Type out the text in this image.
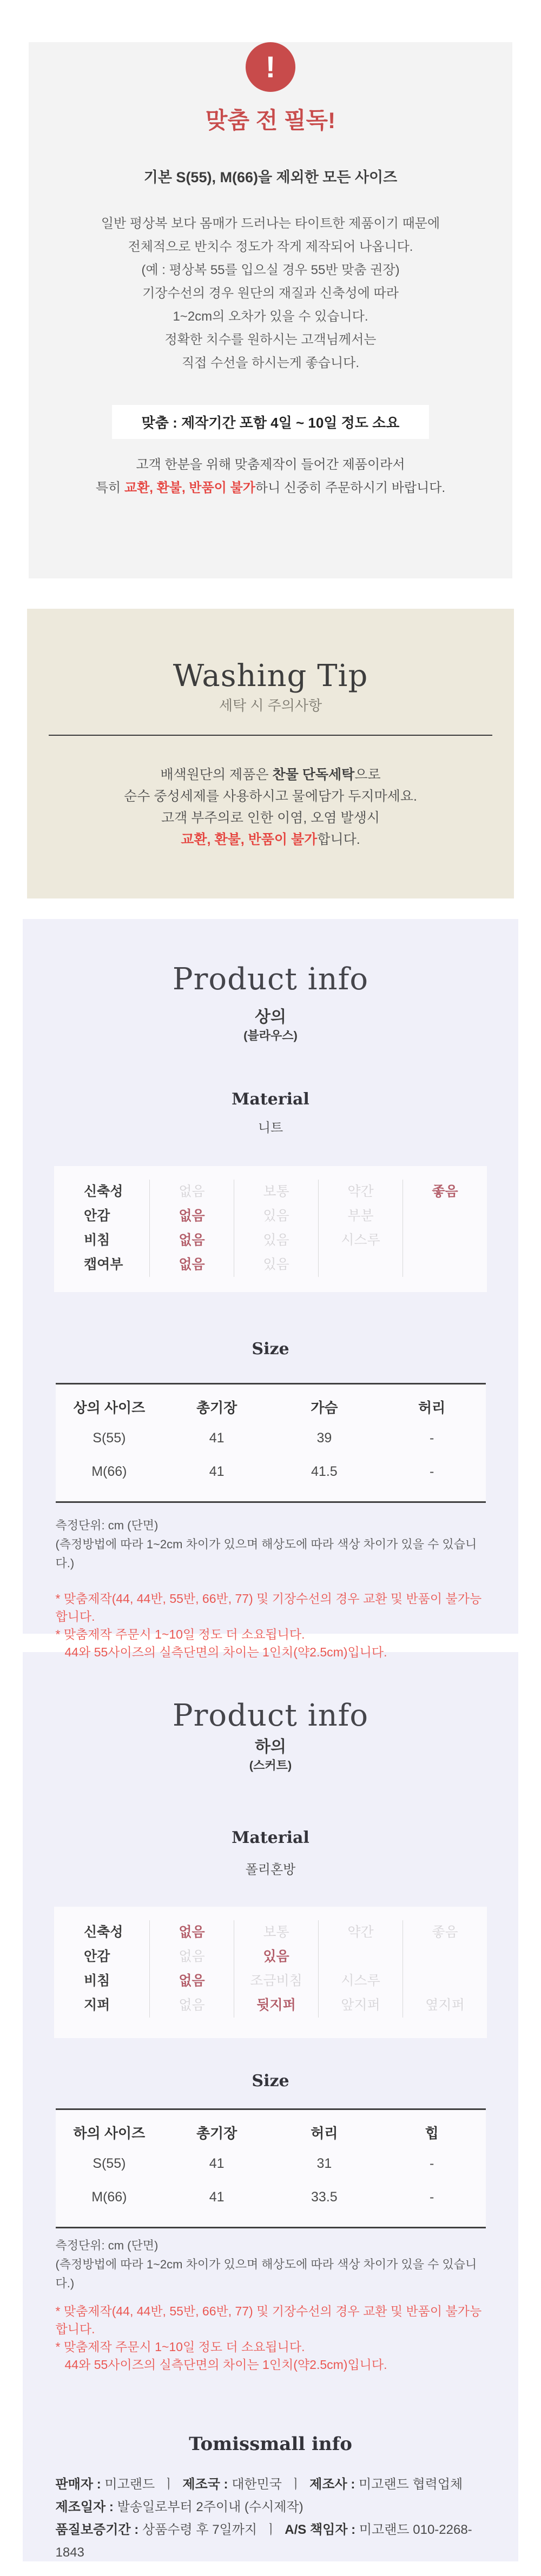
!
맞춤 전 필독!

기본 S(55), M(66)을 제외한 모든 사이즈

일반 평상복 보다 몸매가 드러나는 타이트한 제품이기 때문에
전체적으로 반치수 정도가 작게 제작되어 나옵니다.
(예 : 평상복 55를 입으실 경우 55반 맞춤 권장)
기장수선의 경우 원단의 재질과 신축성에 따라
1~2cm의 오차가 있을 수 있습니다.
정확한 치수를 원하시는 고객님께서는
직접 수선을 하시는게 좋습니다.
맞춤 : 제작기간 포함 4일 ~ 10일 정도 소요
고객 한분을 위해 맞춤제작이 들어간 제품이라서
특히 교환, 환불, 반품이 불가하니 신중히 주문하시기 바랍니다.
Washing Tip

세탁 시 주의사항

배색원단의 제품은 찬물 단독세탁으로
순수 중성세제를 사용하시고 물에담가 두지마세요.
고객 부주의로 인한 이염, 오염 발생시
교환, 환불, 반품이 불가합니다.
Product info

상의

(블라우스)

Material

니트

신축성	없음	보통	약간	좋음
안감	없음	있음	부분
비침	없음	있음	시스루
캡여부	없음	있음
Size
상의 사이즈	총기장	가슴	허리
S(55)	41	39	-
M(66)	41	41.5	-
측정단위: cm (단면)
(측정방법에 따라 1~2cm 차이가 있으며 해상도에 따라 색상 차이가 있을 수 있습니다.)
* 맞춤제작(44, 44반, 55반, 66반, 77) 및 기장수선의 경우 교환 및 반품이 불가능합니다.
* 맞춤제작 주문시 1~10일 정도 더 소요됩니다.
44와 55사이즈의 실측단면의 차이는 1인치(약2.5cm)입니다.
Product info

하의

(스커트)

Material

폴리혼방

신축성	없음	보통	약간	좋음
안감	없음	있음
비침	없음	조금비침	시스루
지퍼	없음	뒷지퍼	앞지퍼	옆지퍼
Size
하의 사이즈	총기장	허리	힙
S(55)	41	31	-
M(66)	41	33.5	-
측정단위: cm (단면)
(측정방법에 따라 1~2cm 차이가 있으며 해상도에 따라 색상 차이가 있을 수 있습니다.)
* 맞춤제작(44, 44반, 55반, 66반, 77) 및 기장수선의 경우 교환 및 반품이 불가능합니다.
* 맞춤제작 주문시 1~10일 정도 더 소요됩니다.
44와 55사이즈의 실측단면의 차이는 1인치(약2.5cm)입니다.
Tomissmall info
판매자 : 미고랜드 ㅣ 제조국 : 대한민국 ㅣ 제조사 : 미고랜드 협력업체
제조일자 : 발송일로부터 2주이내 (수시제작)
품질보증기간 : 상품수령 후 7일까지 ㅣ A/S 책임자 : 미고랜드 010-2268-1843
